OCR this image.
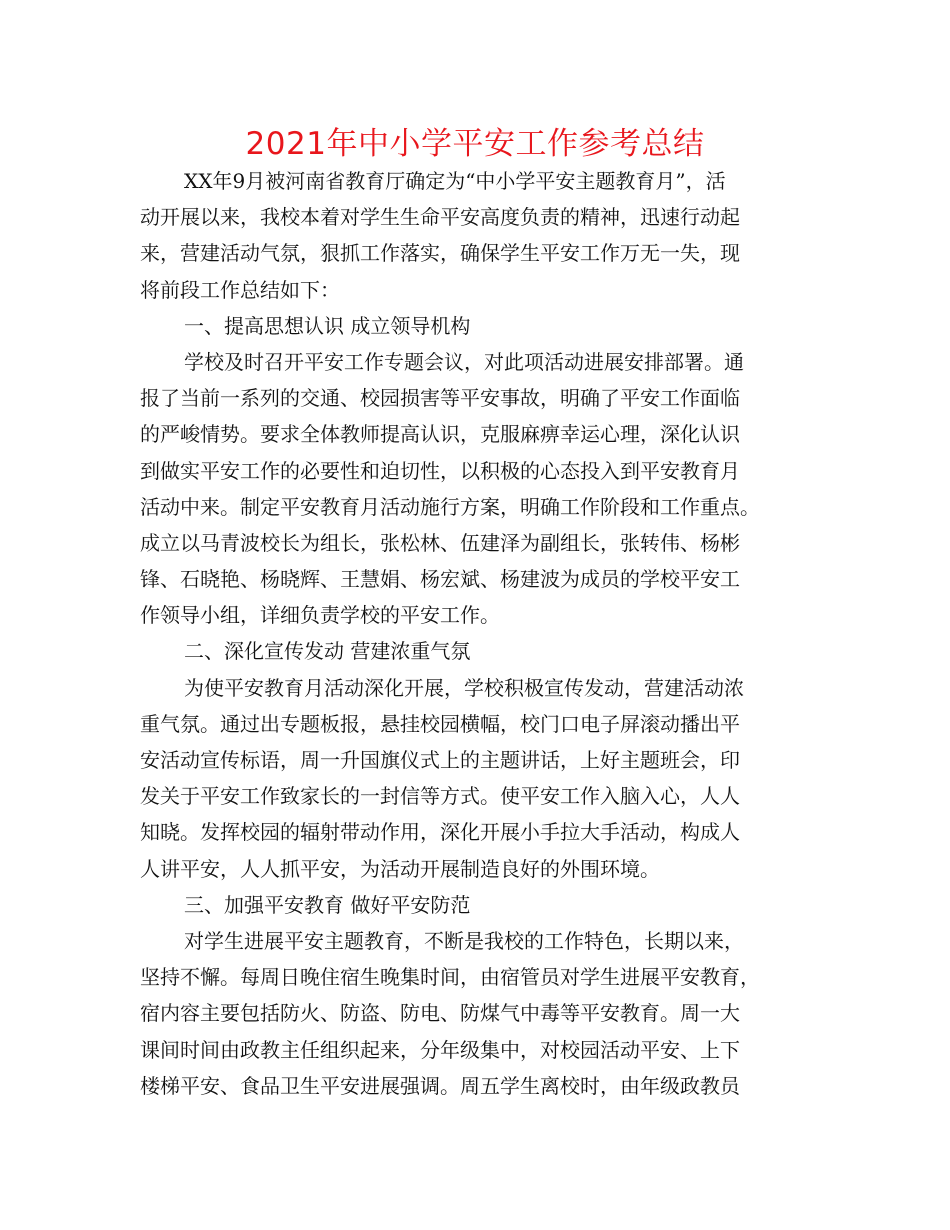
2021年中小学平安工作参考总结
XX年9月被河南省教育厅确定为“中小学平安主题教育月”，活
动开展以来，我校本着对学生生命平安高度负责的精神，迅速行动起
来，营建活动气氛，狠抓工作落实，确保学生平安工作万无一失，现
将前段工作总结如下：
一、提高思想认识 成立领导机构
学校及时召开平安工作专题会议，对此项活动进展安排部署。通
报了当前一系列的交通、校园损害等平安事故，明确了平安工作面临
的严峻情势。要求全体教师提高认识，克服麻痹幸运心理，深化认识
到做实平安工作的必要性和迫切性，以积极的心态投入到平安教育月
活动中来。制定平安教育月活动施行方案，明确工作阶段和工作重点。
成立以马青波校长为组长，张松林、伍建泽为副组长，张转伟、杨彬
锋、石晓艳、杨晓辉、王慧娟、杨宏斌、杨建波为成员的学校平安工
作领导小组，详细负责学校的平安工作。
二、深化宣传发动 营建浓重气氛
为使平安教育月活动深化开展，学校积极宣传发动，营建活动浓
重气氛。通过出专题板报，悬挂校园横幅，校门口电子屏滚动播出平
安活动宣传标语，周一升国旗仪式上的主题讲话，上好主题班会，印
发关于平安工作致家长的一封信等方式。使平安工作入脑入心，人人
知晓。发挥校园的辐射带动作用，深化开展小手拉大手活动，构成人
人讲平安，人人抓平安，为活动开展制造良好的外围环境。
三、加强平安教育 做好平安防范
对学生进展平安主题教育，不断是我校的工作特色，长期以来，
坚持不懈。每周日晚住宿生晚集时间，由宿管员对学生进展平安教育，
宿内容主要包括防火、防盗、防电、防煤气中毒等平安教育。周一大
课间时间由政教主任组织起来，分年级集中，对校园活动平安、上下
楼梯平安、食品卫生平安进展强调。周五学生离校时，由年级政教员
